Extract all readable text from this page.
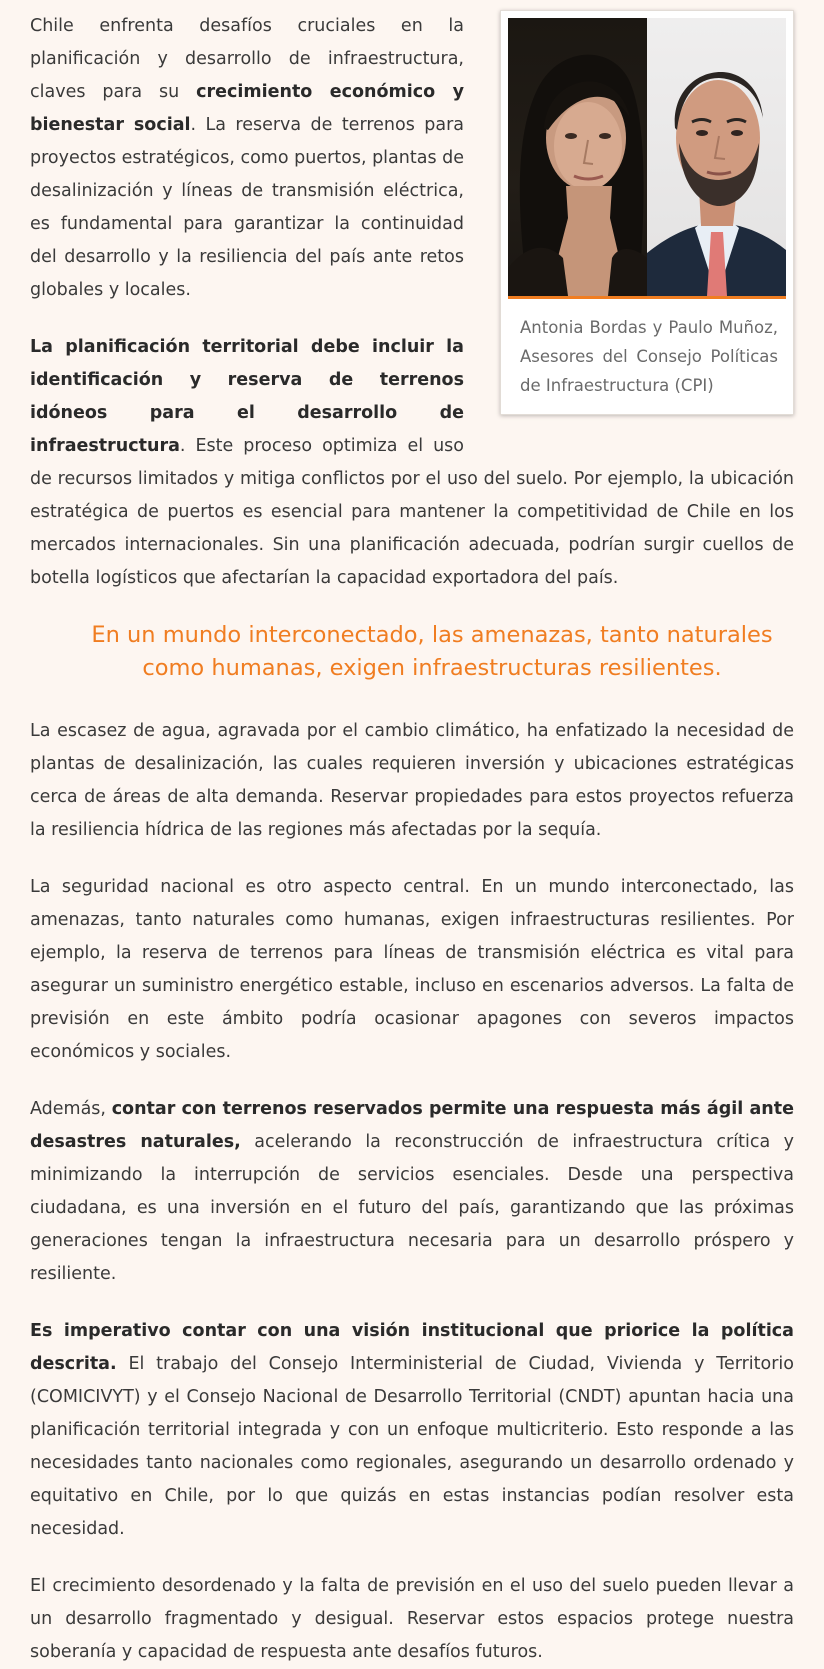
Antonia Bordas y Paulo Muñoz, Asesores del Consejo Políticas de Infraestructura (CPI)

Chile enfrenta desafíos cruciales en la planificación y desarrollo de infraestructura, claves para su crecimiento económico y bienestar social. La reserva de terrenos para proyectos estratégicos, como puertos, plantas de desalinización y líneas de transmisión eléctrica, es fundamental para garantizar la continuidad del desarrollo y la resiliencia del país ante retos globales y locales.

La planificación territorial debe incluir la identificación y reserva de terrenos idóneos para el desarrollo de infraestructura. Este proceso optimiza el uso de recursos limitados y mitiga conflictos por el uso del suelo. Por ejemplo, la ubicación estratégica de puertos es esencial para mantener la competitividad de Chile en los mercados internacionales. Sin una planificación adecuada, podrían surgir cuellos de botella logísticos que afectarían la capacidad exportadora del país.

En un mundo interconectado, las amenazas, tanto naturales como humanas, exigen infraestructuras resilientes.

La escasez de agua, agravada por el cambio climático, ha enfatizado la necesidad de plantas de desalinización, las cuales requieren inversión y ubicaciones estratégicas cerca de áreas de alta demanda. Reservar propiedades para estos proyectos refuerza la resiliencia hídrica de las regiones más afectadas por la sequía.

La seguridad nacional es otro aspecto central. En un mundo interconectado, las amenazas, tanto naturales como humanas, exigen infraestructuras resilientes. Por ejemplo, la reserva de terrenos para líneas de transmisión eléctrica es vital para asegurar un suministro energético estable, incluso en escenarios adversos. La falta de previsión en este ámbito podría ocasionar apagones con severos impactos económicos y sociales.

Además, contar con terrenos reservados permite una respuesta más ágil ante desastres naturales, acelerando la reconstrucción de infraestructura crítica y minimizando la interrupción de servicios esenciales. Desde una perspectiva ciudadana, es una inversión en el futuro del país, garantizando que las próximas generaciones tengan la infraestructura necesaria para un desarrollo próspero y resiliente.

Es imperativo contar con una visión institucional que priorice la política descrita. El trabajo del Consejo Interministerial de Ciudad, Vivienda y Territorio (COMICIVYT) y el Consejo Nacional de Desarrollo Territorial (CNDT) apuntan hacia una planificación territorial integrada y con un enfoque multicriterio. Esto responde a las necesidades tanto nacionales como regionales, asegurando un desarrollo ordenado y equitativo en Chile, por lo que quizás en estas instancias podían resolver esta necesidad.

El crecimiento desordenado y la falta de previsión en el uso del suelo pueden llevar a un desarrollo fragmentado y desigual. Reservar estos espacios protege nuestra soberanía y capacidad de respuesta ante desafíos futuros.
